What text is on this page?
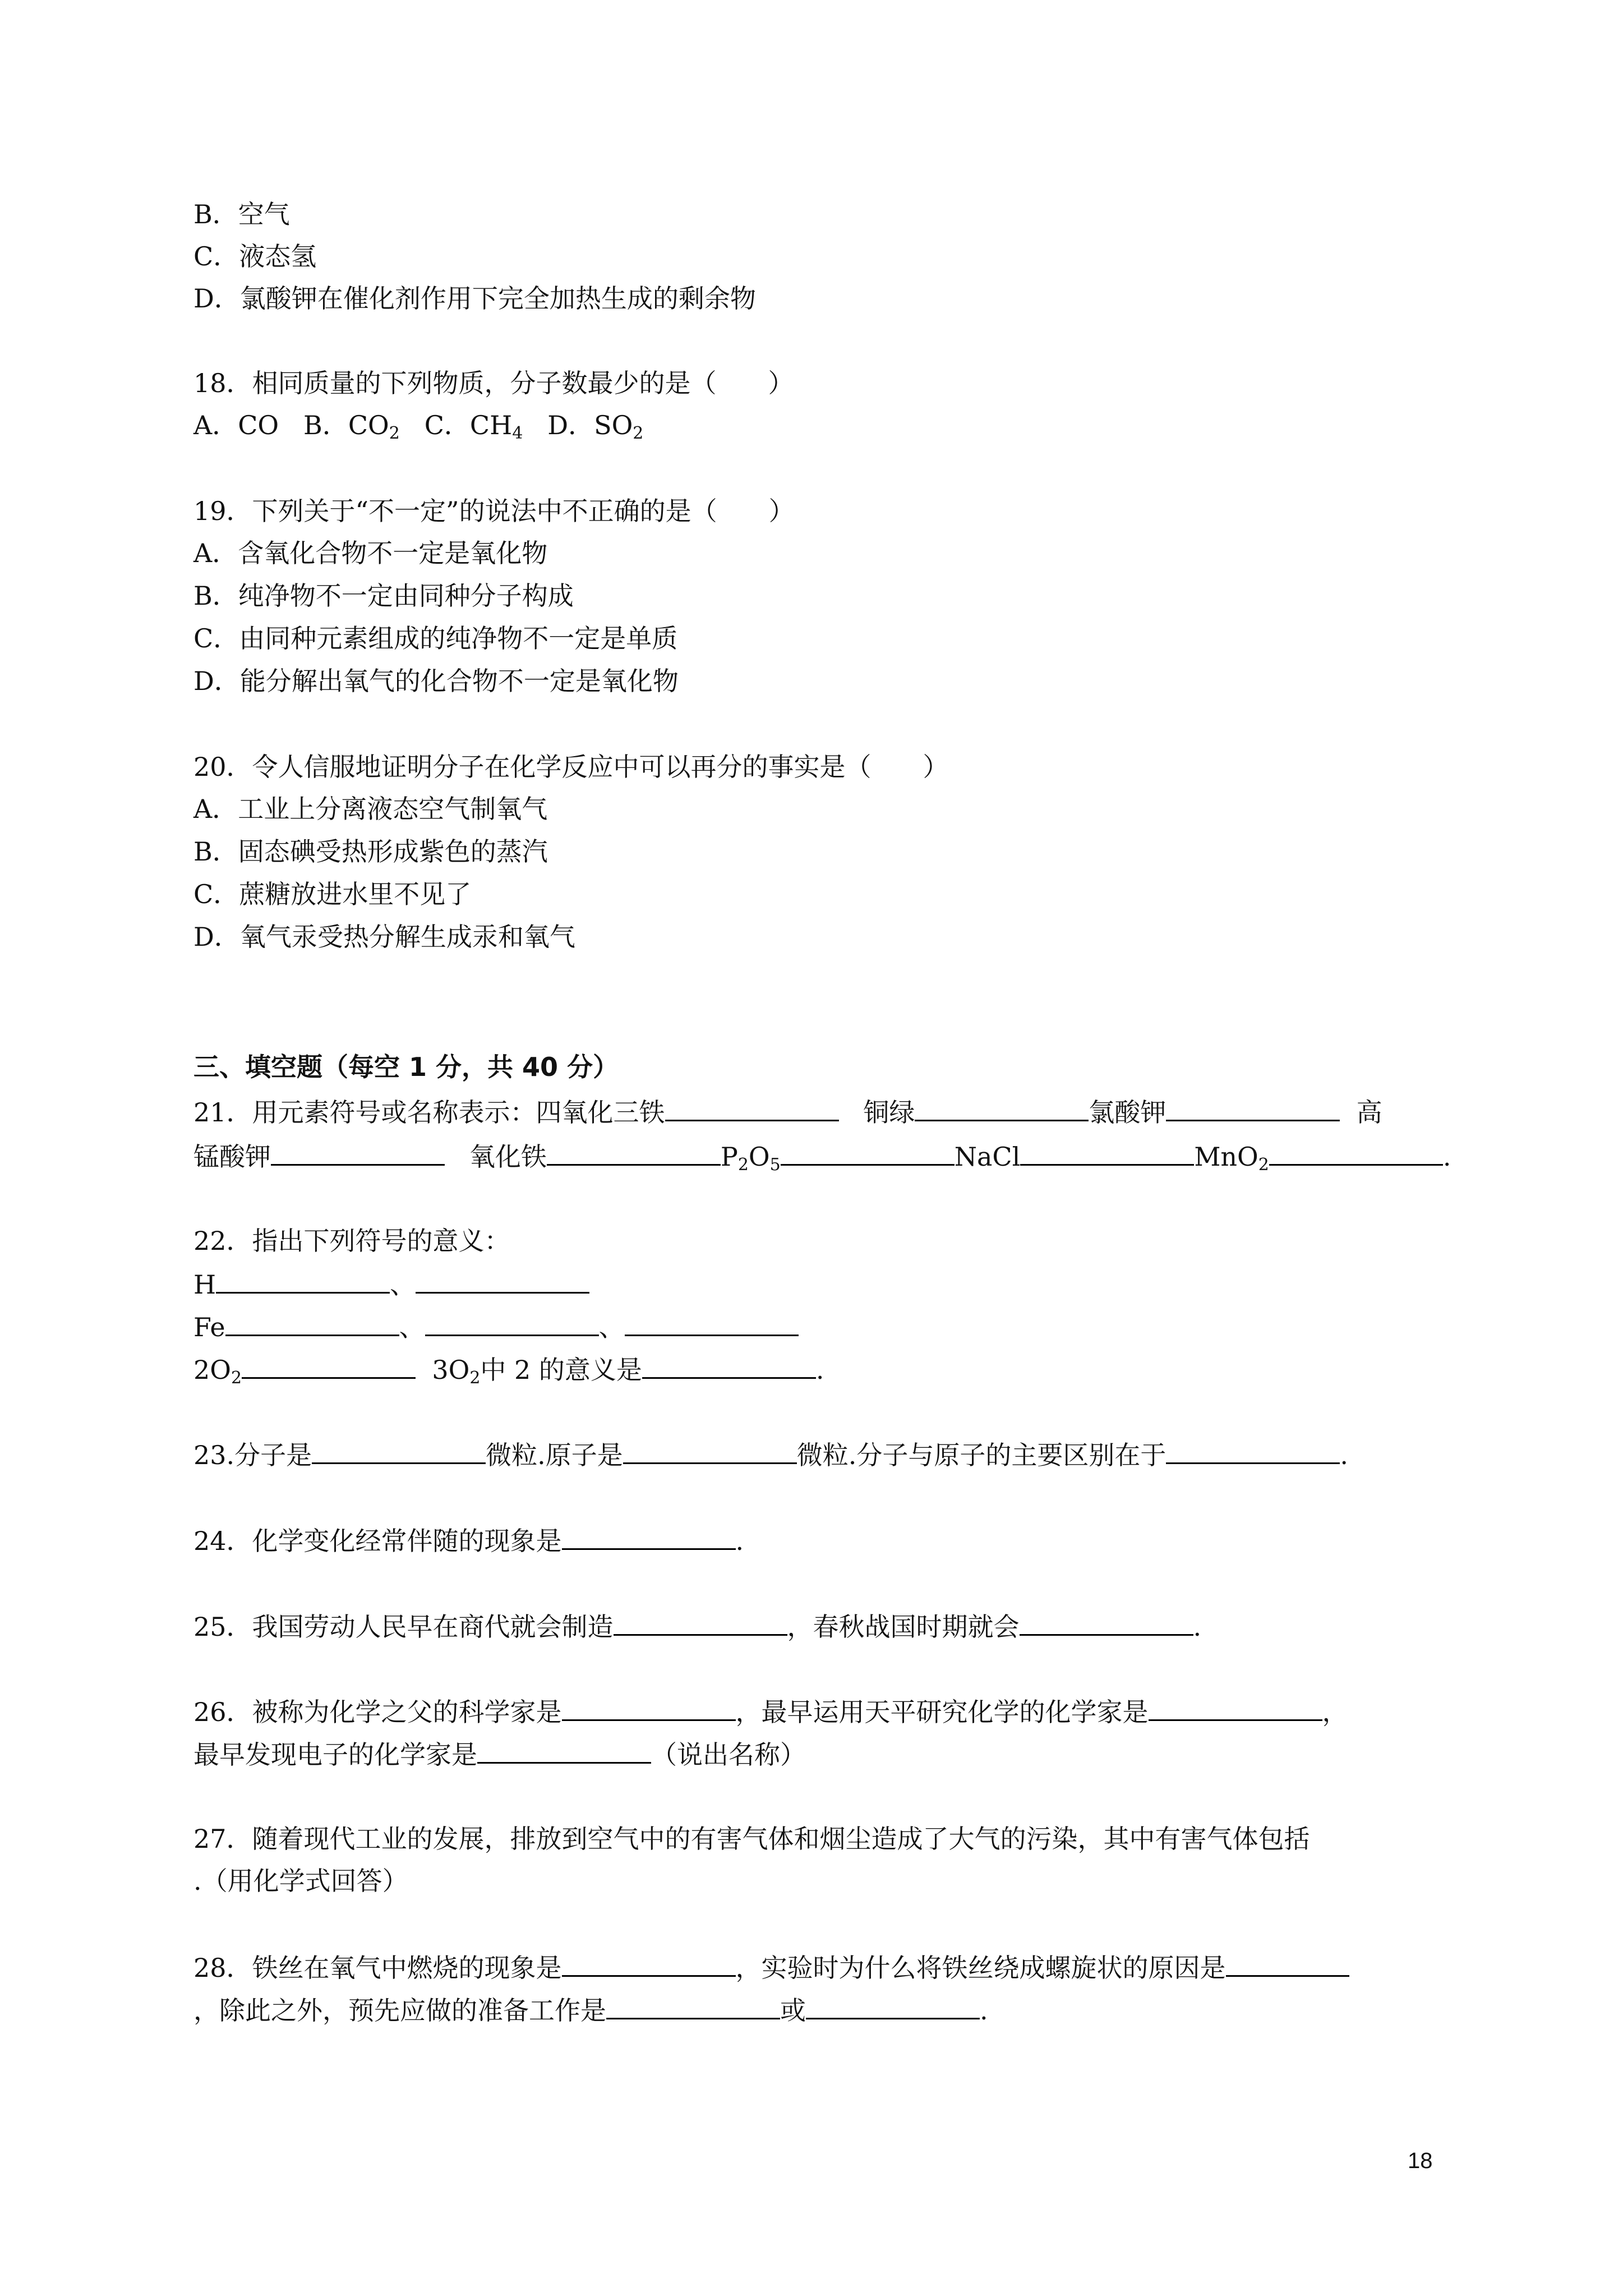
B．空气
C．液态氢
D．氯酸钾在催化剂作用下完全加热生成的剩余物
18．相同质量的下列物质，分子数最少的是（　　）
A．CO B．$CO_2$ C．$CH_4$ D．$SO_2$
19．下列关于“不一定”的说法中不正确的是（　　）
A．含氧化合物不一定是氧化物
B．纯净物不一定由同种分子构成
C．由同种元素组成的纯净物不一定是单质
D．能分解出氧气的化合物不一定是氧化物
20．令人信服地证明分子在化学反应中可以再分的事实是（　　）
A．工业上分离液态空气制氧气
B．固态碘受热形成紫色的蒸汽
C．蔗糖放进水里不见了
D．氧气汞受热分解生成汞和氧气
三、填空题（每空 1 分，共 40 分）
21．用元素符号或名称表示：四氧化三铁	铜绿	氯酸钾	高
锰酸钾	氧化铁	$P_2O_5$	NaCl	MnO$_2$	.
22．指出下列符号的意义：
H	、
Fe	、	、
$2O_2$	$3O_2$中 2 的意义是	.
23.分子是	微粒.原子是	微粒.分子与原子的主要区别在于	.
24．化学变化经常伴随的现象是	.
25．我国劳动人民早在商代就会制造	，春秋战国时期就会	.
26．被称为化学之父的科学家是	，最早运用天平研究化学的化学家是	，
最早发现电子的化学家是	（说出名称）
27．随着现代工业的发展，排放到空气中的有害气体和烟尘造成了大气的污染，其中有害气体包括
.（用化学式回答）
28．铁丝在氧气中燃烧的现象是	，实验时为什么将铁丝绕成螺旋状的原因是
，除此之外，预先应做的准备工作是	或	.
18
